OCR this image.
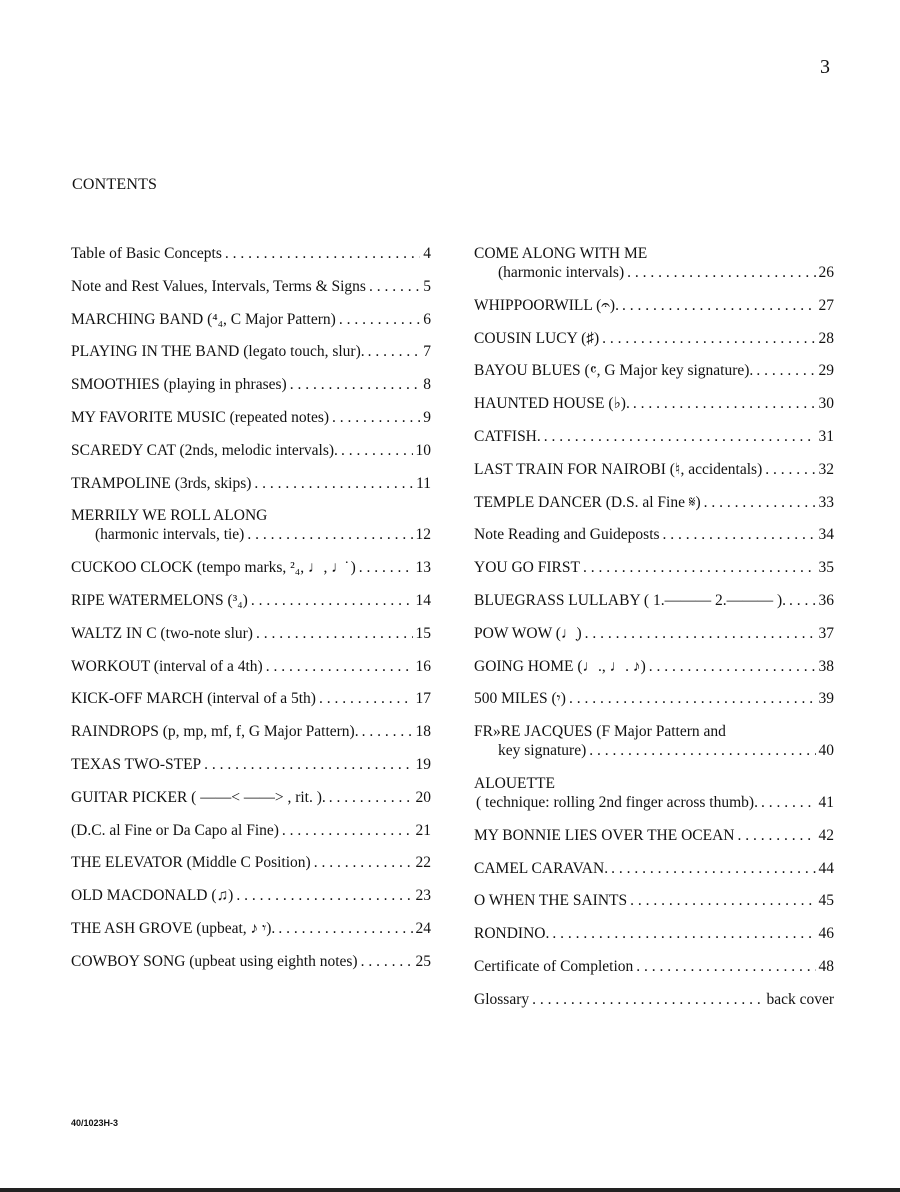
3
CONTENTS
Table of Basic Concepts . . .	4
Note and Rest Values, Intervals, Terms & Signs . . .	5
MARCHING BAND (⁴₄, C Major Pattern) . . .	6
PLAYING IN THE BAND (legato touch, slur). . . .	7
SMOOTHIES (playing in phrases) . . .	8
MY FAVORITE MUSIC (repeated notes) . . .	9
SCAREDY CAT (2nds, melodic intervals). . . .	10
TRAMPOLINE (3rds, skips) . . .	11
MERRILY WE ROLL ALONG
(harmonic intervals, tie) . . .	12
CUCKOO CLOCK (tempo marks, ²₄, ♩, ♩̇ ) . . .	13
RIPE WATERMELONS (³₄) . . .	14
WALTZ IN C (two-note slur) . . .	15
WORKOUT (interval of a 4th) . . .	16
KICK-OFF MARCH (interval of a 5th) . . .	17
RAINDROPS (p, mp, mf, f, G Major Pattern). . . .	18
TEXAS TWO-STEP . . .	19
GUITAR PICKER ( ――< ――> , rit. ). . . .	20
(D.C. al Fine or Da Capo al Fine) . . .	21
THE ELEVATOR (Middle C Position) . . .	22
OLD MACDONALD (♫) . . .	23
THE ASH GROVE (upbeat, ♪ 𝄾). . . .	24
COWBOY SONG (upbeat using eighth notes) . . .	25
COME ALONG WITH ME
(harmonic intervals) . . .	26
WHIPPOORWILL (𝄐). . . .	27
COUSIN LUCY (♯) . . .	28
BAYOU BLUES (𝄴, G Major key signature). . . .	29
HAUNTED HOUSE (♭). . . .	30
CATFISH. . . .	31
LAST TRAIN FOR NAIROBI (♮, accidentals) . . .	32
TEMPLE DANCER (D.S. al Fine 𝄋) . . .	33
Note Reading and Guideposts . . .	34
YOU GO FIRST . . .	35
BLUEGRASS LULLABY ( 1.――― 2.――― ). . . . 36
POW WOW (♩̣) . . .	37
GOING HOME (♩., ♩. ♪) . . .	38
500 MILES (𝄾) . . .	39
FR»RE JACQUES (F Major Pattern and
key signature) . . .	40
ALOUETTE
( technique: rolling 2nd finger across thumb). . . .	41
MY BONNIE LIES OVER THE OCEAN . . .	42
CAMEL CARAVAN. . . .	44
O WHEN THE SAINTS . . .	45
RONDINO. . . .	46
Certificate of Completion . . .	48
Glossary . . .	back cover
40/1023H-3
